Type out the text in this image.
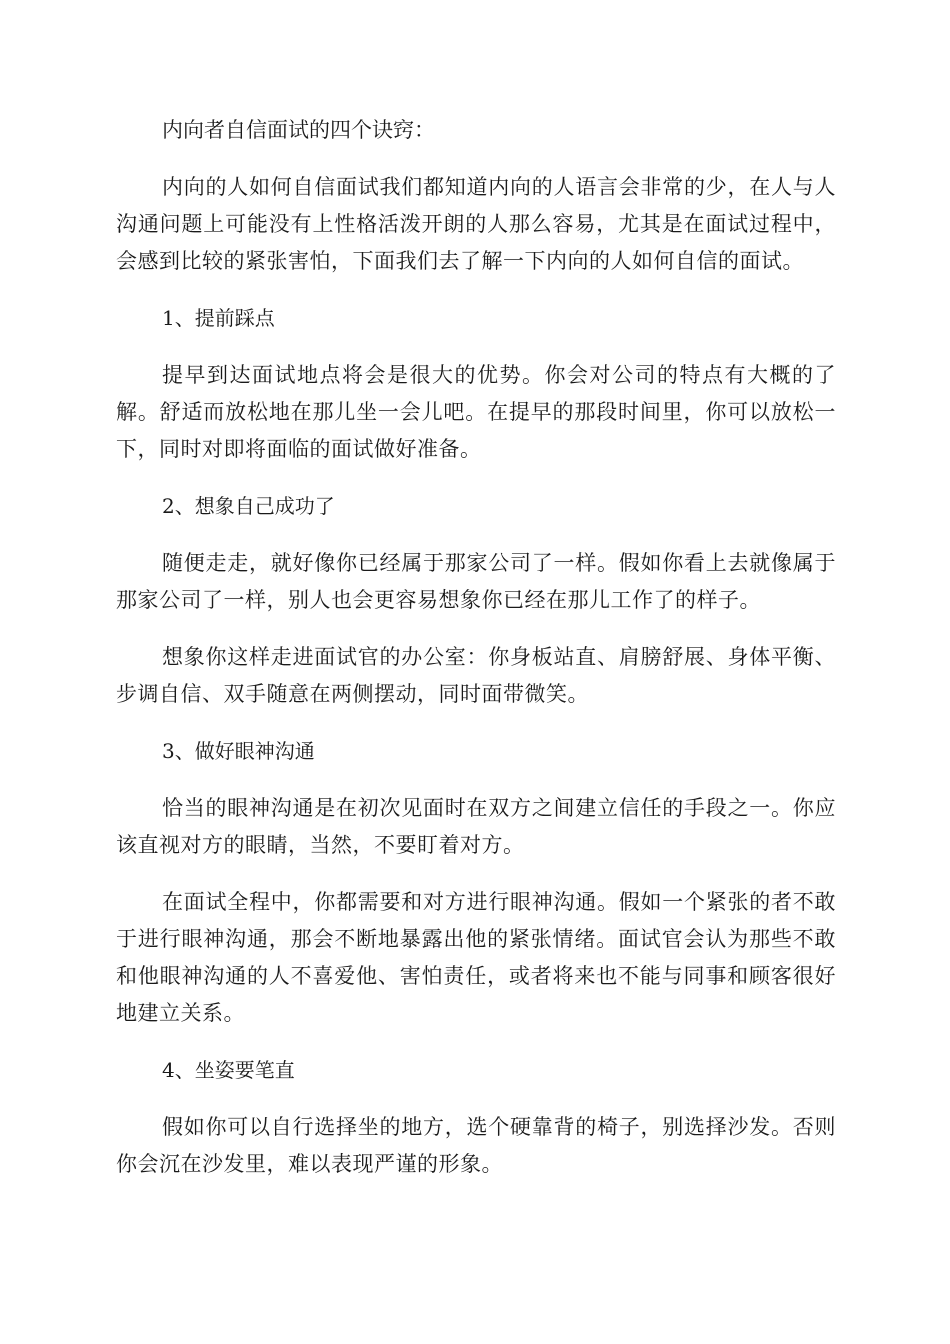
内向者自信面试的四个诀窍：

内向的人如何自信面试我们都知道内向的人语言会非常的少，在人与人沟通问题上可能没有上性格活泼开朗的人那么容易，尤其是在面试过程中，会感到比较的紧张害怕，下面我们去了解一下内向的人如何自信的面试。

1、提前踩点

提早到达面试地点将会是很大的优势。你会对公司的特点有大概的了解。舒适而放松地在那儿坐一会儿吧。在提早的那段时间里，你可以放松一下，同时对即将面临的面试做好准备。

2、想象自己成功了

随便走走，就好像你已经属于那家公司了一样。假如你看上去就像属于那家公司了一样，别人也会更容易想象你已经在那儿工作了的样子。

想象你这样走进面试官的办公室：你身板站直、肩膀舒展、身体平衡、步调自信、双手随意在两侧摆动，同时面带微笑。

3、做好眼神沟通

恰当的眼神沟通是在初次见面时在双方之间建立信任的手段之一。你应该直视对方的眼睛，当然，不要盯着对方。

在面试全程中，你都需要和对方进行眼神沟通。假如一个紧张的者不敢于进行眼神沟通，那会不断地暴露出他的紧张情绪。面试官会认为那些不敢和他眼神沟通的人不喜爱他、害怕责任，或者将来也不能与同事和顾客很好地建立关系。

4、坐姿要笔直

假如你可以自行选择坐的地方，选个硬靠背的椅子，别选择沙发。否则你会沉在沙发里，难以表现严谨的形象。
